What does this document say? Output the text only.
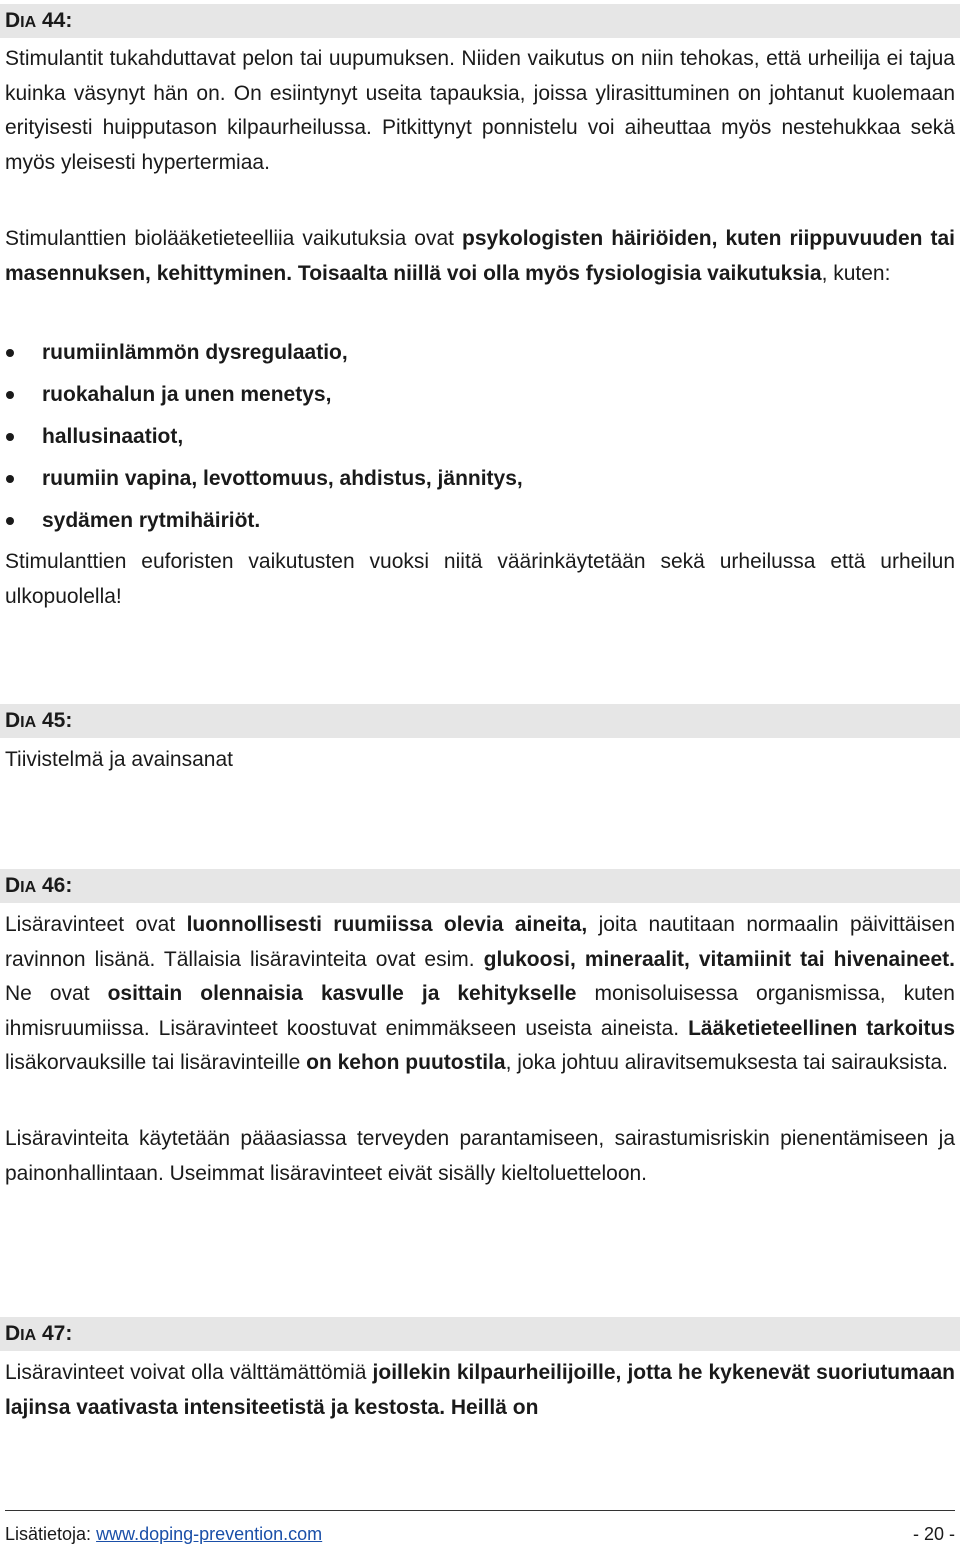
DIA 44:

Stimulantit tukahduttavat pelon tai uupumuksen. Niiden vaikutus on niin tehokas, että urheilija ei tajua kuinka väsynyt hän on. On esiintynyt useita tapauksia, joissa ylirasittuminen on johtanut kuolemaan erityisesti huipputason kilpaurheilussa. Pitkittynyt ponnistelu voi aiheuttaa myös nestehukkaa sekä myös yleisesti hypertermiaa.

Stimulanttien biolääketieteelliia vaikutuksia ovat psykologisten häiriöiden, kuten riippuvuuden tai masennuksen, kehittyminen. Toisaalta niillä voi olla myös fysiologisia vaikutuksia, kuten:

ruumiinlämmön dysregulaatio,
ruokahalun ja unen menetys,
hallusinaatiot,
ruumiin vapina, levottomuus, ahdistus, jännitys,
sydämen rytmihäiriöt.

Stimulanttien euforisten vaikutusten vuoksi niitä väärinkäytetään sekä urheilussa että urheilun ulkopuolella!

DIA 45:

Tiivistelmä ja avainsanat

DIA 46:

Lisäravinteet ovat luonnollisesti ruumiissa olevia aineita, joita nautitaan normaalin päivittäisen ravinnon lisänä. Tällaisia lisäravinteita ovat esim. glukoosi, mineraalit, vitamiinit tai hivenaineet. Ne ovat osittain olennaisia kasvulle ja kehitykselle monisoluisessa organismissa, kuten ihmisruumiissa. Lisäravinteet koostuvat enimmäkseen useista aineista. Lääketieteellinen tarkoitus lisäkorvauksille tai lisäravinteille on kehon puutostila, joka johtuu aliravitsemuksesta tai sairauksista.

Lisäravinteita käytetään pääasiassa terveyden parantamiseen, sairastumisriskin pienentämiseen ja painonhallintaan. Useimmat lisäravinteet eivät sisälly kieltoluetteloon.

DIA 47:

Lisäravinteet voivat olla välttämättömiä joillekin kilpaurheilijoille, jotta he kykenevät suoriutumaan lajinsa vaativasta intensiteetistä ja kestosta. Heillä on

Lisätietoja: www.doping-prevention.com	- 20 -
